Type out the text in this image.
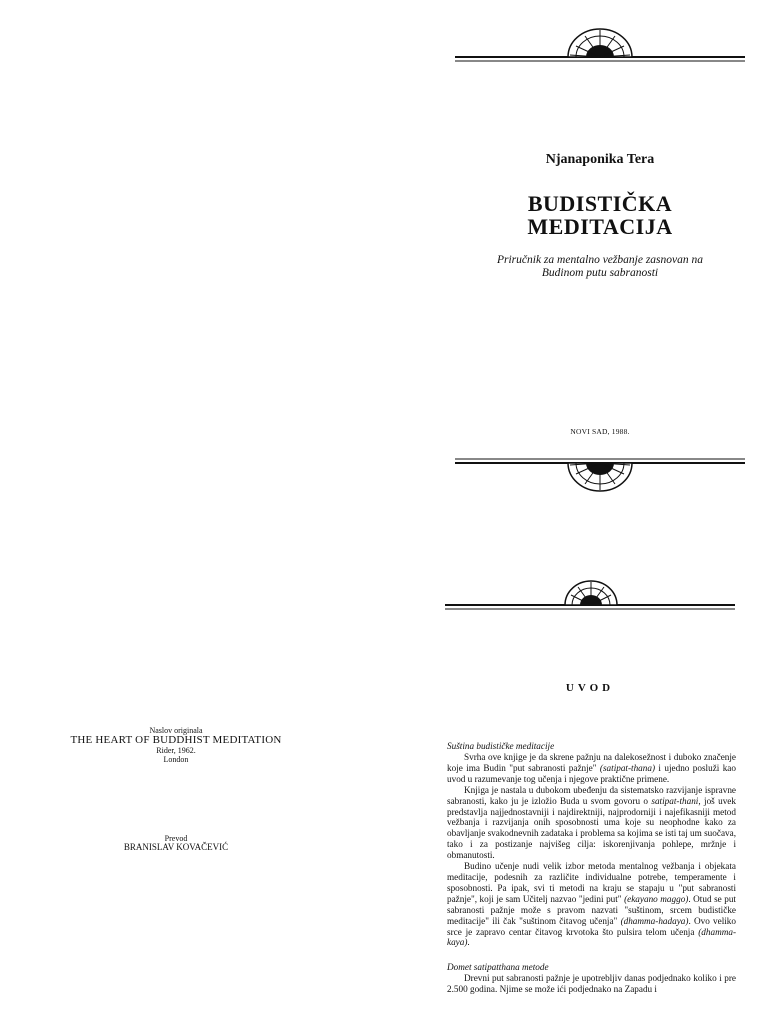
Naslov originala
THE HEART OF BUDDHIST MEDITATION
Rider, 1962.
London
Prevod
BRANISLAV KOVAČEVIĆ
Njanaponika Tera
BUDISTIČKA
MEDITACIJA
Priručnik za mentalno vežbanje zasnovan na
Budinom putu sabranosti
NOVI SAD, 1988.
UVOD
Suština budističke meditacije

Svrha ove knjige je da skrene pažnju na dalekosežnost i duboko značenje koje ima Budin "put sabranosti pažnje" (satipat-thana) i ujedno posluži kao uvod u razumevanje tog učenja i njegove praktične primene.

Knjiga je nastala u dubokom ubeđenju da sistematsko razvijanje ispravne sabranosti, kako ju je izložio Buda u svom govoru o satipat-thani, još uvek predstavlja najjednostavniji i najdirektniji, najprodorniji i najefikasniji metod vežbanja i razvijanja onih sposobnosti uma koje su neophodne kako za obavljanje svakodnevnih zadataka i problema sa kojima se isti taj um suočava, tako i za postizanje najvišeg cilja: iskorenjivanja pohlepe, mržnje i obmanutosti.

Budino učenje nudi velik izbor metoda mentalnog vežbanja i objekata meditacije, podesnih za različite individualne potrebe, temperamente i sposobnosti. Pa ipak, svi ti metodi na kraju se stapaju u "put sabranosti pažnje", koji je sam Učitelj nazvao "jedini put" (ekayano maggo). Otud se put sabranosti pažnje može s pravom nazvati "suštinom, srcem budističke meditacije" ili čak "suštinom čitavog učenja" (dhamma-hadaya). Ovo veliko srce je zapravo centar čitavog krvotoka što pulsira telom učenja (dhamma- kaya).

Domet satipatthana metode

Drevni put sabranosti pažnje je upotrebljiv danas podjednako koliko i pre 2.500 godina. Njime se može ići podjednako na Zapadu i
